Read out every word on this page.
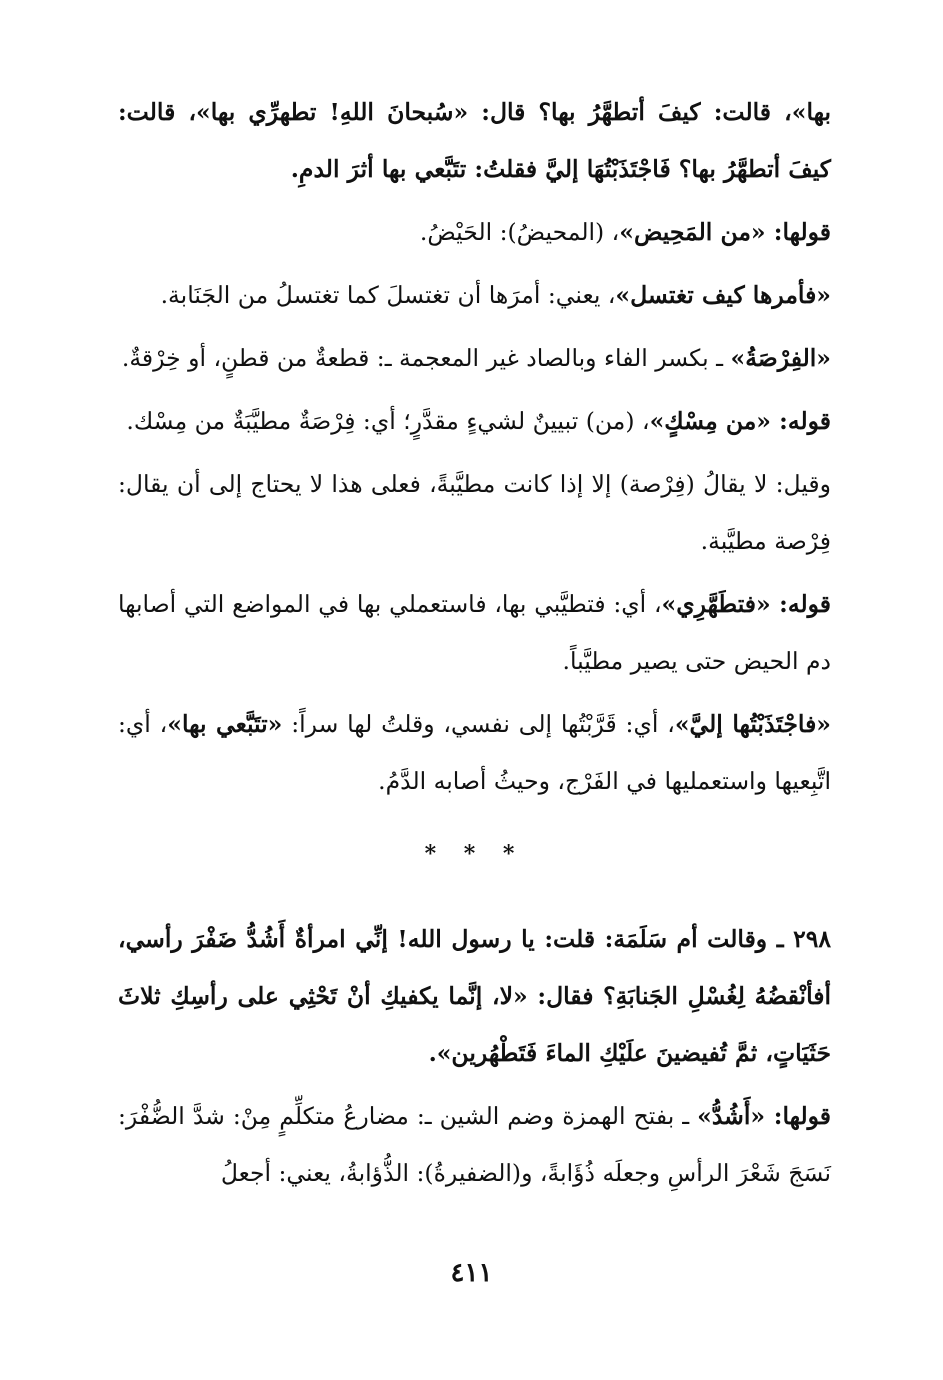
بها»، قالت: كيفَ أتطهَّرُ بها؟ قال: «سُبحانَ اللهِ! تطهرِّي بها»، قالت: كيفَ أتطهَّرُ بها؟ فَاجْتَذَبْتُهَا إليَّ فقلتُ: تتَبَّعي بها أثرَ الدمِ.

قولها: «من المَحِيض»، (المحيضُ): الحَيْضُ.

«فأمرها كيف تغتسل»، يعني: أمرَها أن تغتسلَ كما تغتسلُ من الجَنَابة.

«الفِرْصَةُ» ـ بكسر الفاء وبالصاد غير المعجمة ـ: قطعةٌ من قطنٍ، أو خِرْقةٌ.

قوله: «من مِسْكٍ»، (من) تبيينٌ لشيءٍ مقدَّرٍ؛ أي: فِرْصَةٌ مطيَّبَةٌ من مِسْك.

وقيل: لا يقالُ (فِرْصة) إلا إذا كانت مطيَّبةً، فعلى هذا لا يحتاج إلى أن يقال: فِرْصة مطيَّبة.

قوله: «فتطَهَّرِي»، أي: فتطيَّبي بها، فاستعملي بها في المواضع التي أصابها دم الحيض حتى يصير مطيَّباً.

«فاجْتَذَبْتُها إليَّ»، أي: قَرَّبْتُها إلى نفسي، وقلتُ لها سراً: «تتَبَّعي بها»، أي: اتَّبِعيها واستعمليها في الفَرْج، وحيثُ أصابه الدَّمُ.

* * *

٢٩٨ ـ وقالت أم سَلَمَة: قلت: يا رسول الله! إنِّي امرأةٌ أَشُدُّ ضَفْرَ رأسي، أفأنْقضُهُ لِغُسْلِ الجَنابَةِ؟ فقال: «لا، إنَّما يكفيكِ أنْ تَحْثِي على رأسِكِ ثلاثَ حَثَيَاتٍ، ثمَّ تُفيضينَ علَيْكِ الماءَ فَتَطْهُرين».

قولها: «أَشُدُّ» ـ بفتح الهمزة وضم الشين ـ: مضارعُ متكلِّمٍ مِنْ: شدَّ الضُّفْرَ: نَسَجَ شَعْرَ الرأسِ وجعلَه ذُؤَابةً، و(الضفيرةُ): الذُّؤابةُ، يعني: أجعلُ

٤١١
